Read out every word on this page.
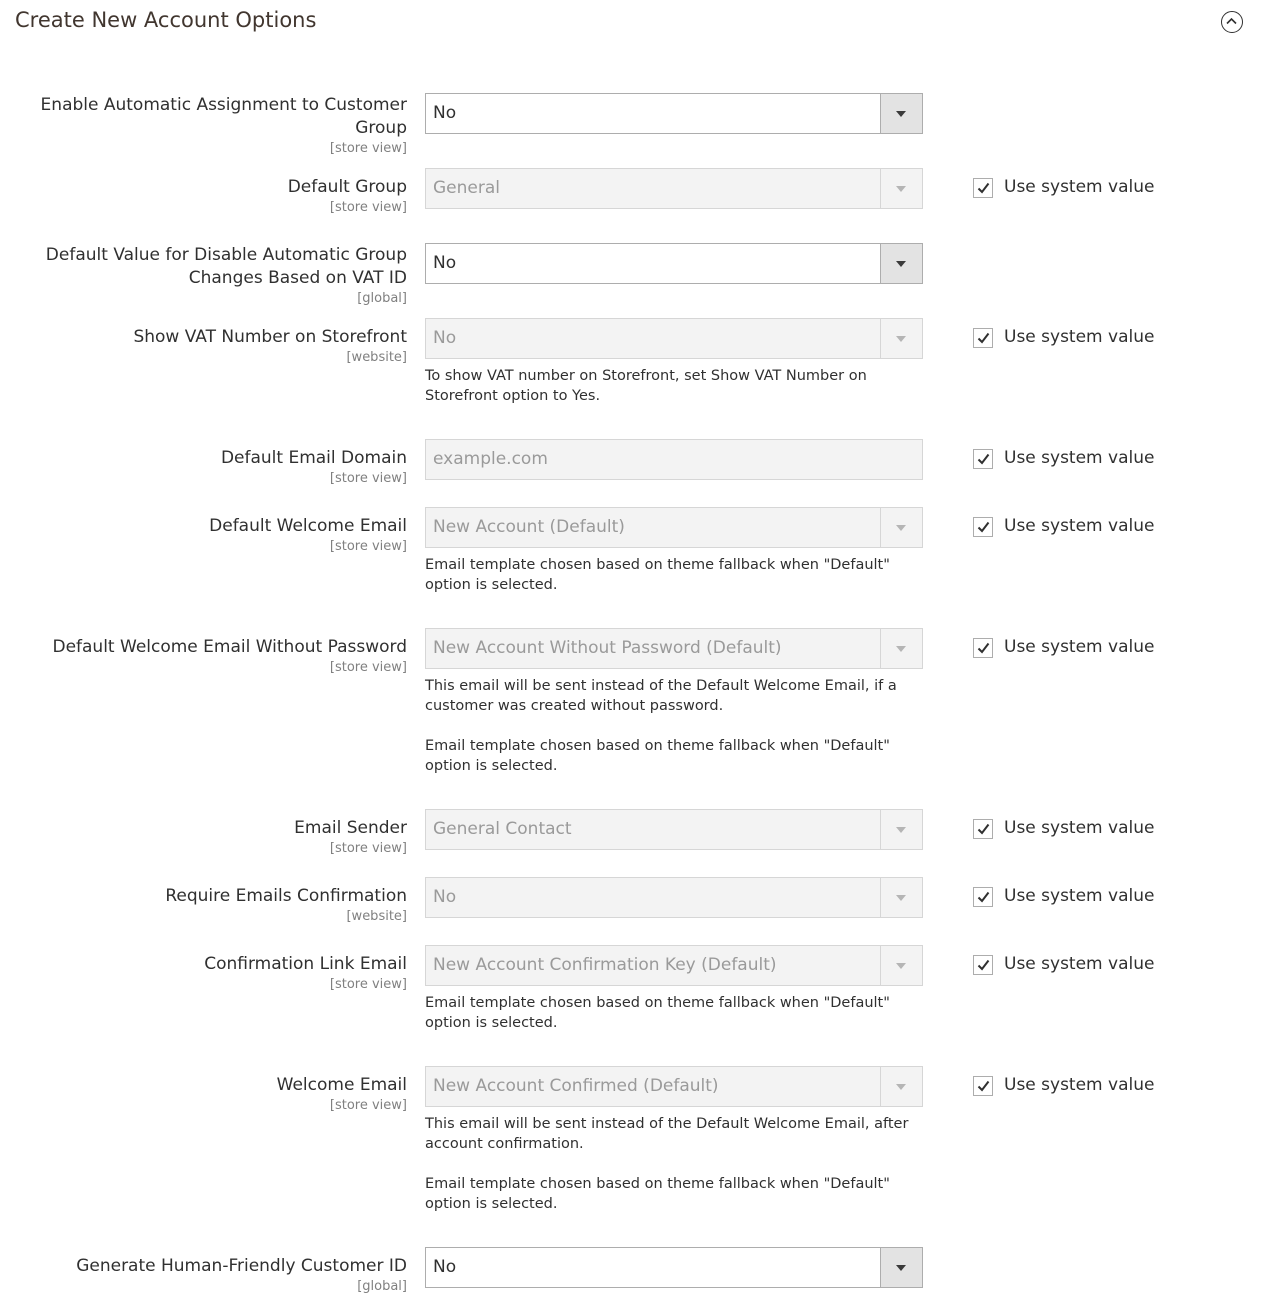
Create New Account Options
Enable Automatic Assignment to Customer Group
[store view]
No
Default Group
[store view]
General	Use system value
Default Value for Disable Automatic Group Changes Based on VAT ID
[global]
No
Show VAT Number on Storefront
[website]
No

To show VAT number on Storefront, set Show VAT Number on Storefront option to Yes.

Use system value
Default Email Domain
[store view]
example.com	Use system value
Default Welcome Email
[store view]
New Account (Default)

Email template chosen based on theme fallback when "Default" option is selected.

Use system value
Default Welcome Email Without Password
[store view]
New Account Without Password (Default)

This email will be sent instead of the Default Welcome Email, if a customer was created without password.

Email template chosen based on theme fallback when "Default" option is selected.

Use system value
Email Sender
[store view]
General Contact	Use system value
Require Emails Confirmation
[website]
No	Use system value
Confirmation Link Email
[store view]
New Account Confirmation Key (Default)

Email template chosen based on theme fallback when "Default" option is selected.

Use system value
Welcome Email
[store view]
New Account Confirmed (Default)

This email will be sent instead of the Default Welcome Email, after account confirmation.

Email template chosen based on theme fallback when "Default" option is selected.

Use system value
Generate Human-Friendly Customer ID
[global]
No
